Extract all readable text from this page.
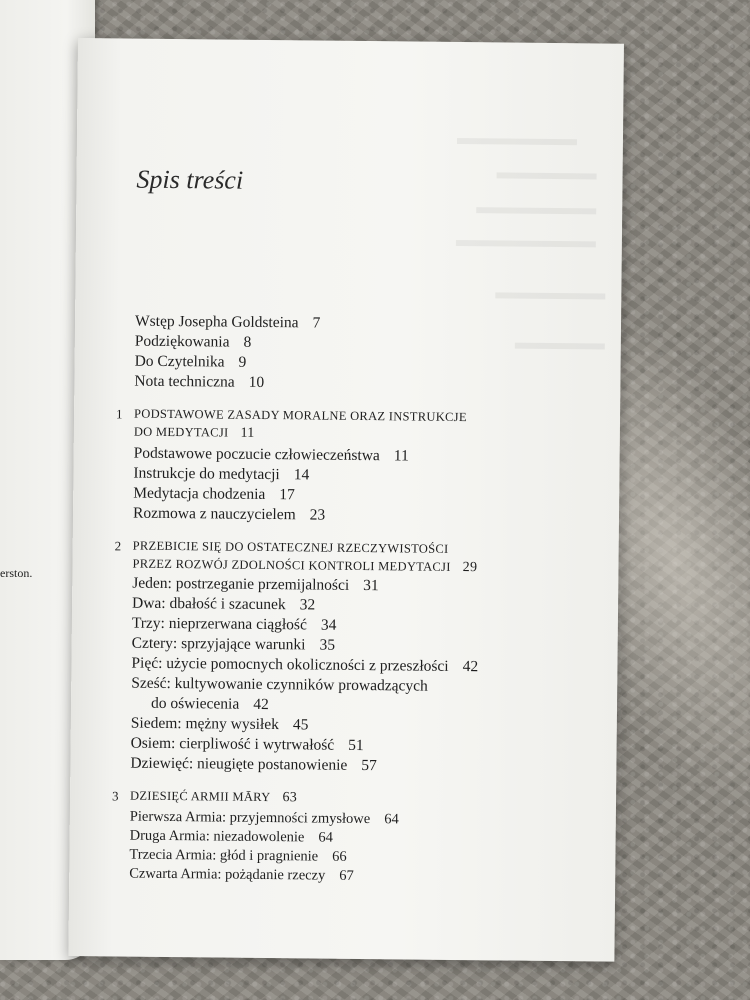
erston.
Spis treści
Wstęp Josepha Goldsteina 7
Podziękowania 8
Do Czytelnika 9
Nota techniczna 10
1 PODSTAWOWE ZASADY MORALNE ORAZ INSTRUKCJE
DO MEDYTACJI 11
Podstawowe poczucie człowieczeństwa 11
Instrukcje do medytacji 14
Medytacja chodzenia 17
Rozmowa z nauczycielem 23
2 PRZEBICIE SIĘ DO OSTATECZNEJ RZECZYWISTOŚCI
PRZEZ ROZWÓJ ZDOLNOŚCI KONTROLI MEDYTACJI 29
Jeden: postrzeganie przemijalności 31
Dwa: dbałość i szacunek 32
Trzy: nieprzerwana ciągłość 34
Cztery: sprzyjające warunki 35
Pięć: użycie pomocnych okoliczności z przeszłości 42
Sześć: kultywowanie czynników prowadzących
do oświecenia 42
Siedem: mężny wysiłek 45
Osiem: cierpliwość i wytrwałość 51
Dziewięć: nieugięte postanowienie 57
3 DZIESIĘĆ ARMII MĀRY 63
Pierwsza Armia: przyjemności zmysłowe 64
Druga Armia: niezadowolenie 64
Trzecia Armia: głód i pragnienie 66
Czwarta Armia: pożądanie rzeczy 67
